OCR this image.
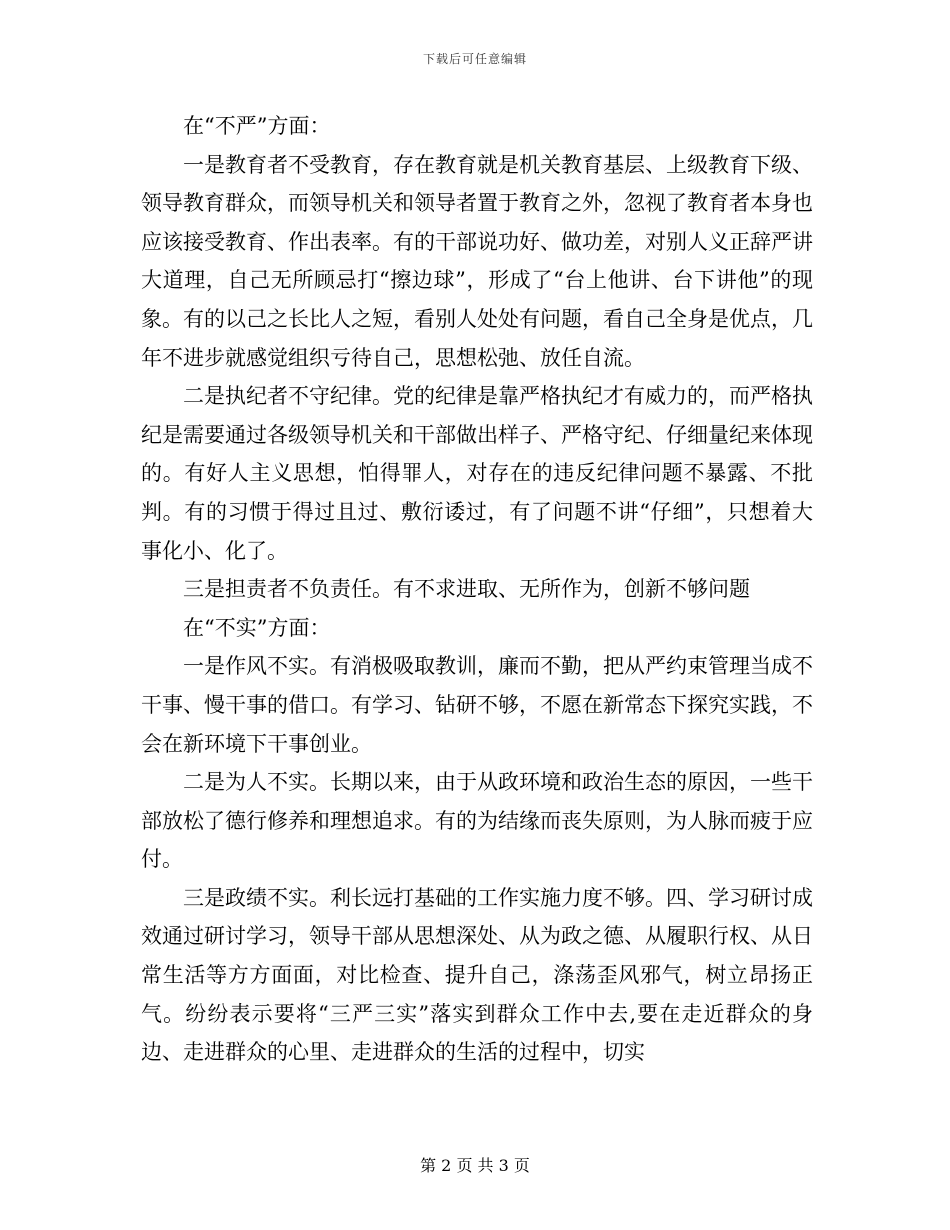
下载后可任意编辑

在“不严”方面：

一是教育者不受教育，存在教育就是机关教育基层、上级教育下级、领导教育群众，而领导机关和领导者置于教育之外，忽视了教育者本身也应该接受教育、作出表率。有的干部说功好、做功差，对别人义正辞严讲大道理，自己无所顾忌打“擦边球”，形成了“台上他讲、台下讲他”的现象。有的以己之长比人之短，看别人处处有问题，看自己全身是优点，几年不进步就感觉组织亏待自己，思想松弛、放任自流。

二是执纪者不守纪律。党的纪律是靠严格执纪才有威力的，而严格执纪是需要通过各级领导机关和干部做出样子、严格守纪、仔细量纪来体现的。有好人主义思想，怕得罪人，对存在的违反纪律问题不暴露、不批判。有的习惯于得过且过、敷衍诿过，有了问题不讲“仔细”，只想着大事化小、化了。

三是担责者不负责任。有不求进取、无所作为，创新不够问题

在“不实”方面：

一是作风不实。有消极吸取教训，廉而不勤，把从严约束管理当成不干事、慢干事的借口。有学习、钻研不够，不愿在新常态下探究实践，不会在新环境下干事创业。

二是为人不实。长期以来，由于从政环境和政治生态的原因，一些干部放松了德行修养和理想追求。有的为结缘而丧失原则，为人脉而疲于应付。

三是政绩不实。利长远打基础的工作实施力度不够。四、学习研讨成效通过研讨学习，领导干部从思想深处、从为政之德、从履职行权、从日常生活等方方面面，对比检查、提升自己，涤荡歪风邪气，树立昂扬正气。纷纷表示要将“三严三实”落实到群众工作中去,要在走近群众的身边、走进群众的心里、走进群众的生活的过程中，切实

第 2 页 共 3 页
